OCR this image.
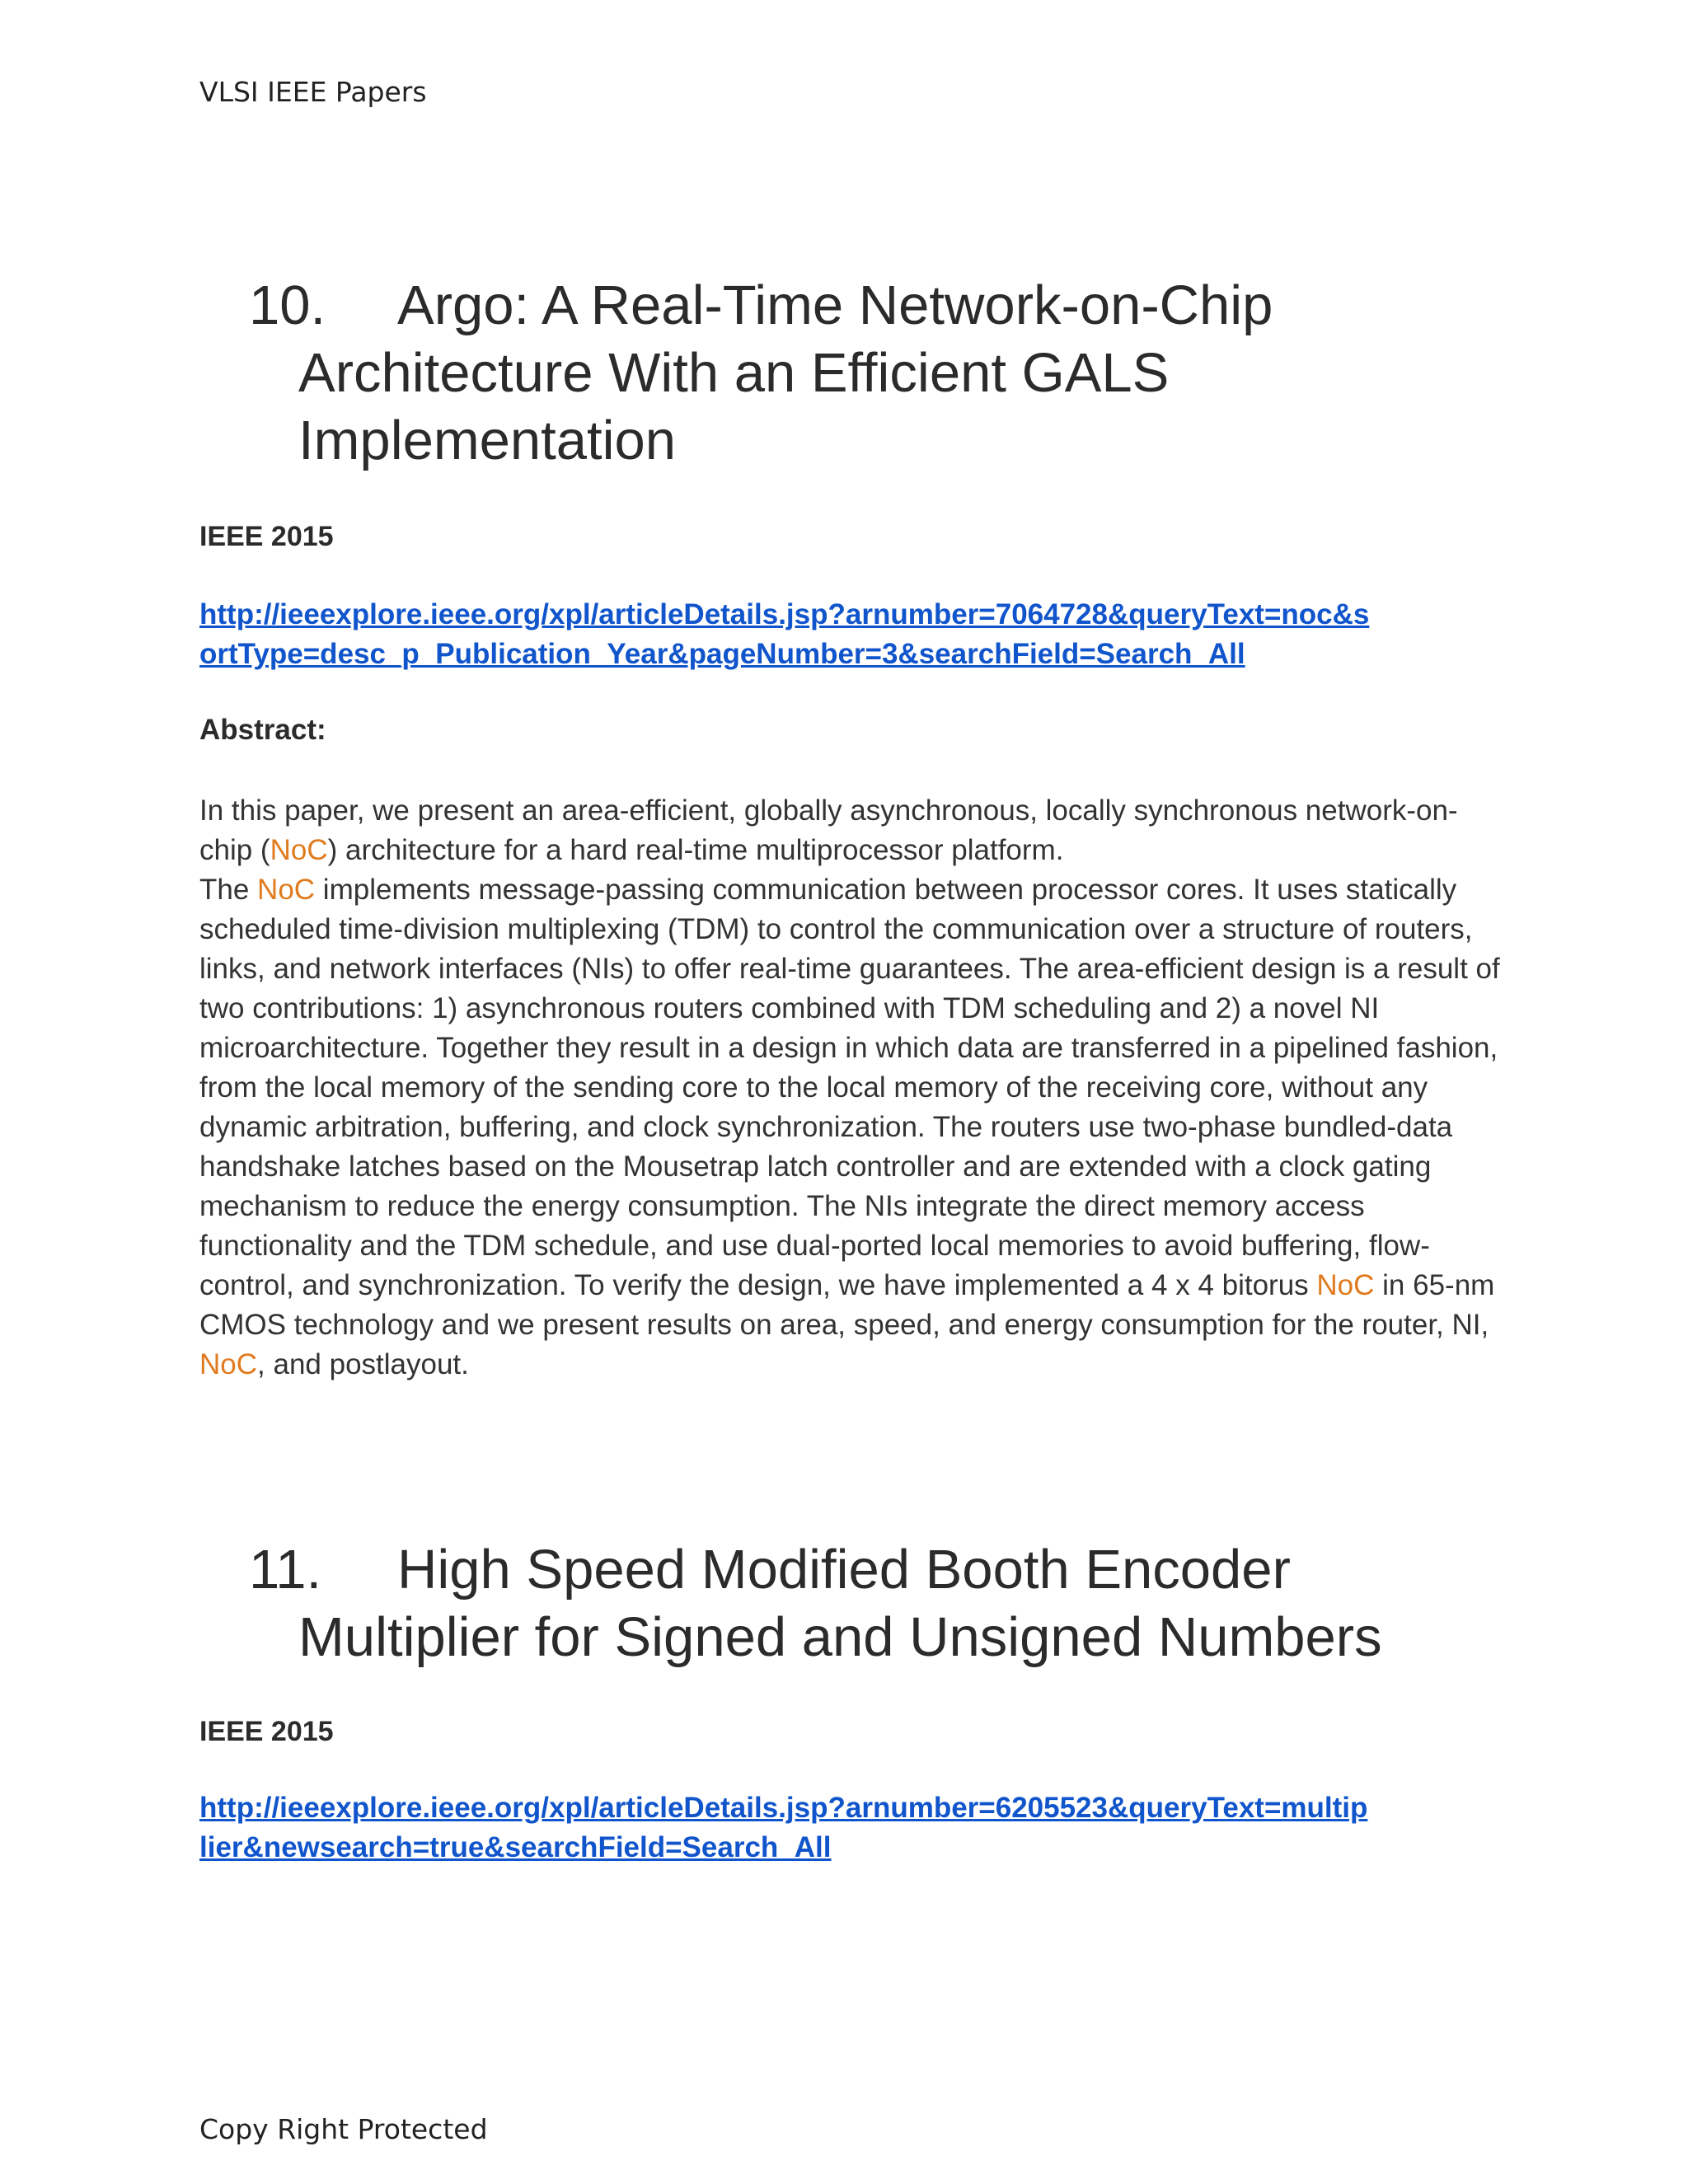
VLSI IEEE Papers
10. Argo: A Real-Time Network-on-Chip
Architecture With an Efficient GALS
Implementation
IEEE 2015
http://ieeexplore.ieee.org/xpl/articleDetails.jsp?arnumber=7064728&queryText=noc&s
ortType=desc_p_Publication_Year&pageNumber=3&searchField=Search_All
Abstract:

In this paper, we present an area-efficient, globally asynchronous, locally synchronous network-on-chip (NoC) architecture for a hard real-time multiprocessor platform.
The NoC implements message-passing communication between processor cores. It uses statically scheduled time-division multiplexing (TDM) to control the communication over a structure of routers, links, and network interfaces (NIs) to offer real-time guarantees. The area-efficient design is a result of two contributions: 1) asynchronous routers combined with TDM scheduling and 2) a novel NI microarchitecture. Together they result in a design in which data are transferred in a pipelined fashion, from the local memory of the sending core to the local memory of the receiving core, without any dynamic arbitration, buffering, and clock synchronization. The routers use two-phase bundled-data handshake latches based on the Mousetrap latch controller and are extended with a clock gating mechanism to reduce the energy consumption. The NIs integrate the direct memory access functionality and the TDM schedule, and use dual-ported local memories to avoid buffering, flow-control, and synchronization. To verify the design, we have implemented a 4 x 4 bitorus NoC in 65-nm CMOS technology and we present results on area, speed, and energy consumption for the router, NI, NoC, and postlayout.

11. High Speed Modified Booth Encoder
Multiplier for Signed and Unsigned Numbers
IEEE 2015
http://ieeexplore.ieee.org/xpl/articleDetails.jsp?arnumber=6205523&queryText=multip
lier&newsearch=true&searchField=Search_All
Copy Right Protected
